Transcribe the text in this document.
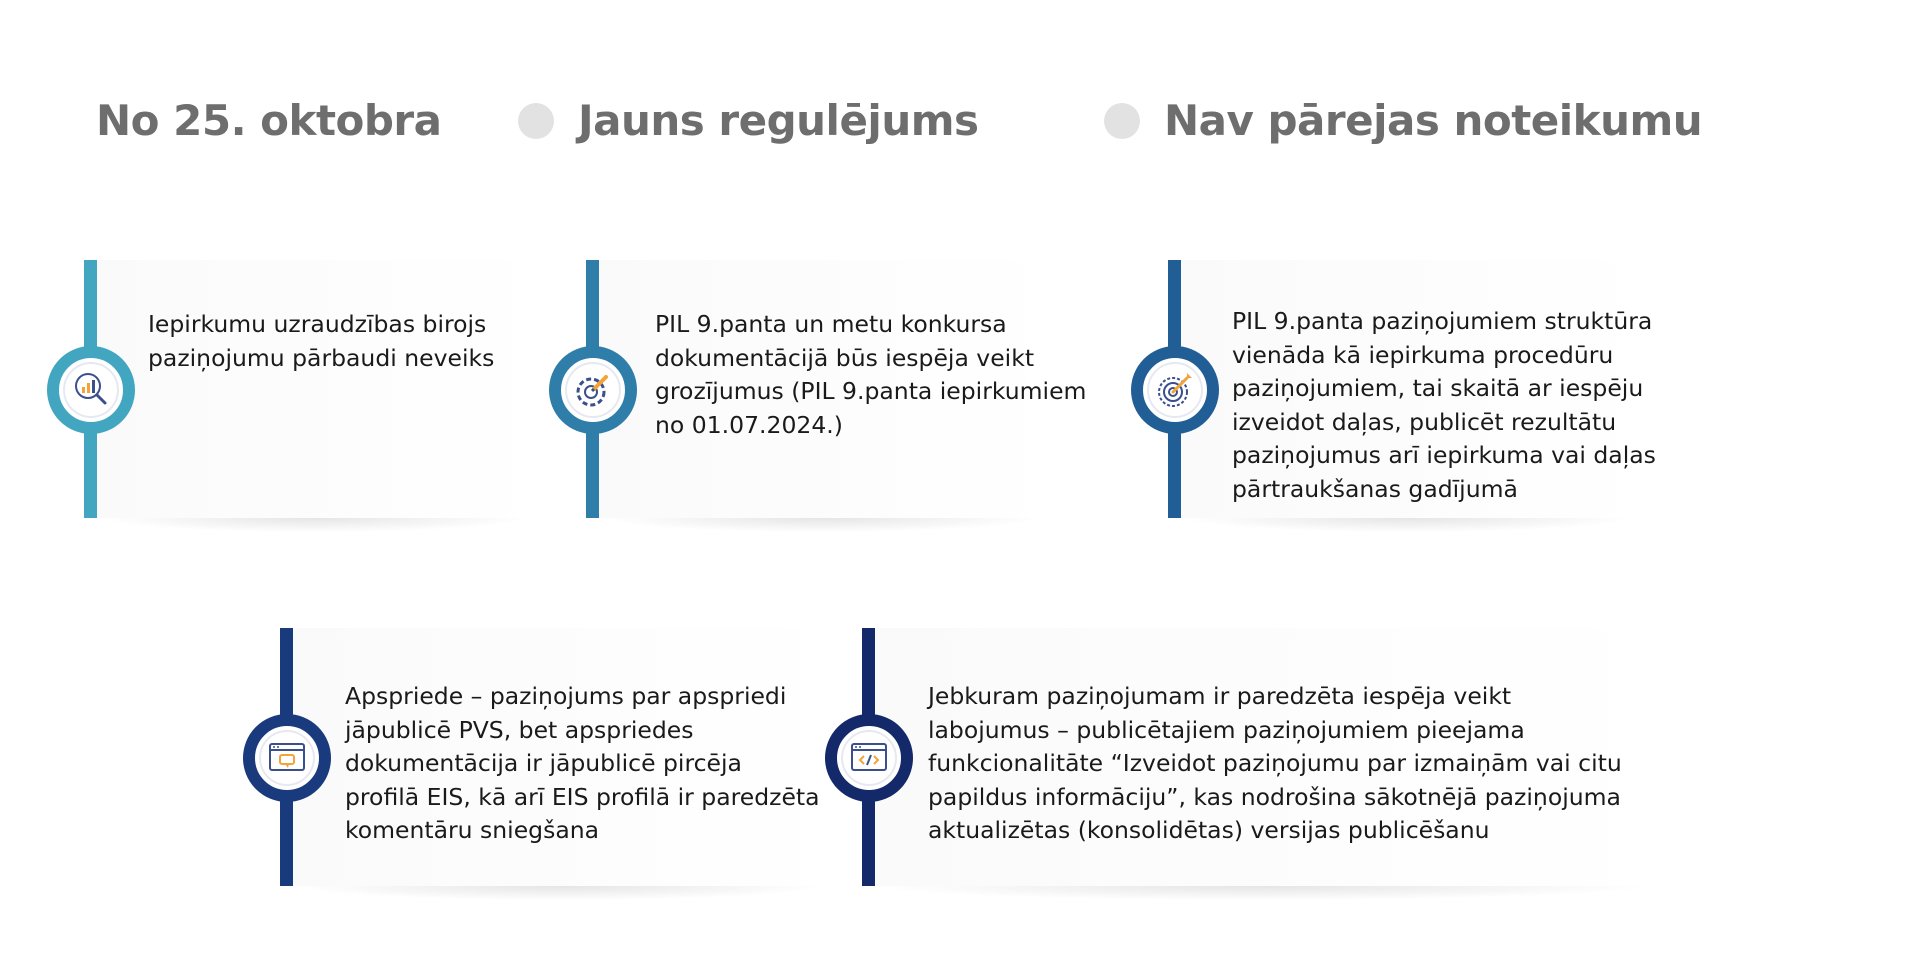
No 25. oktobra	Jauns regulējums	Nav pārejas noteikumu
Iepirkumu uzraudzības birojs
paziņojumu pārbaudi neveiks
PIL 9.panta un metu konkursa
dokumentācijā būs iespēja veikt
grozījumus (PIL 9.panta iepirkumiem
no 01.07.2024.)
PIL 9.panta paziņojumiem struktūra
vienāda kā iepirkuma procedūru
paziņojumiem, tai skaitā ar iespēju
izveidot daļas, publicēt rezultātu
paziņojumus arī iepirkuma vai daļas
pārtraukšanas gadījumā
Apspriede – paziņojums par apspriedi
jāpublicē PVS, bet apspriedes
dokumentācija ir jāpublicē pircēja
profilā EIS, kā arī EIS profilā ir paredzēta
komentāru sniegšana
Jebkuram paziņojumam ir paredzēta iespēja veikt
labojumus – publicētajiem paziņojumiem pieejama
funkcionalitāte “Izveidot paziņojumu par izmaiņām vai citu
papildus informāciju”, kas nodrošina sākotnējā paziņojuma
aktualizētas (konsolidētas) versijas publicēšanu
